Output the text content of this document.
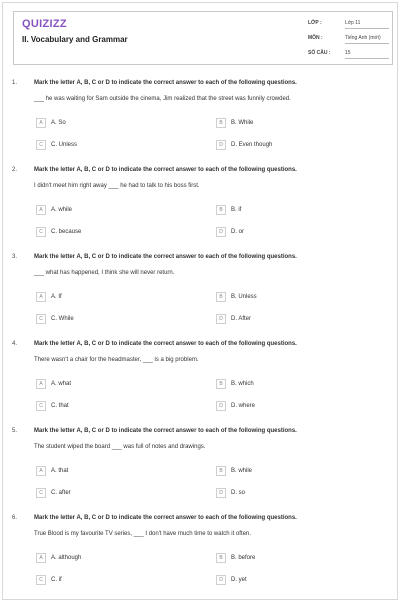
QUIZIZZ
II. Vocabulary and Grammar
LỚP :	Lớp 11
MÔN :	Tiếng Anh (mới)
SỐ CÂU :	15
1.	Mark the letter A, B, C or D to indicate the correct answer to each of the following questions.
___ he was waiting for Sam outside the cinema, Jim realized that the street was funnily crowded.
A A. So	B B. While
C C. Unless	D D. Even though
2.	Mark the letter A, B, C or D to indicate the correct answer to each of the following questions.
I didn't meet him right away ___ he had to talk to his boss first.
A A. while	B B. if
C C. because	D D. or
3.	Mark the letter A, B, C or D to indicate the correct answer to each of the following questions.
___ what has happened, I think she will never return.
A A. If	B B. Unless
C C. While	D D. After
4.	Mark the letter A, B, C or D to indicate the correct answer to each of the following questions.
There wasn't a chair for the headmaster, ___ is a big problem.
A A. what	B B. which
C C. that	D D. where
5.	Mark the letter A, B, C or D to indicate the correct answer to each of the following questions.
The student wiped the board ___ was full of notes and drawings.
A A. that	B B. while
C C. after	D D. so
6.	Mark the letter A, B, C or D to indicate the correct answer to each of the following questions.
True Blood is my favourite TV series, ___ I don't have much time to watch it often.
A A. although	B B. before
C C. if	D D. yet
